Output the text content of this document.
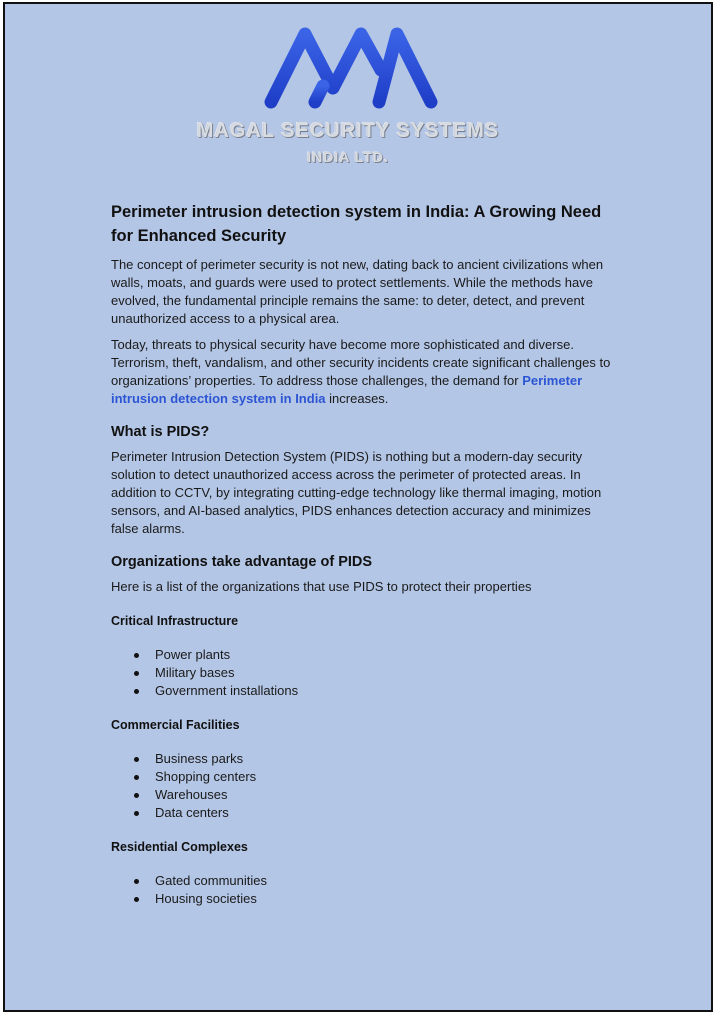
MAGAL SECURITY SYSTEMS
INDIA LTD.
Perimeter intrusion detection system in India: A Growing Need for Enhanced Security

The concept of perimeter security is not new, dating back to ancient civilizations when walls, moats, and guards were used to protect settlements. While the methods have evolved, the fundamental principle remains the same: to deter, detect, and prevent unauthorized access to a physical area.

Today, threats to physical security have become more sophisticated and diverse. Terrorism, theft, vandalism, and other security incidents create significant challenges to organizations’ properties. To address those challenges, the demand for Perimeter intrusion detection system in India increases.

What is PIDS?

Perimeter Intrusion Detection System (PIDS) is nothing but a modern-day security solution to detect unauthorized access across the perimeter of protected areas. In addition to CCTV, by integrating cutting-edge technology like thermal imaging, motion sensors, and AI-based analytics, PIDS enhances detection accuracy and minimizes false alarms.

Organizations take advantage of PIDS

Here is a list of the organizations that use PIDS to protect their properties

Critical Infrastructure
Power plants
Military bases
Government installations
Commercial Facilities
Business parks
Shopping centers
Warehouses
Data centers
Residential Complexes
Gated communities
Housing societies
